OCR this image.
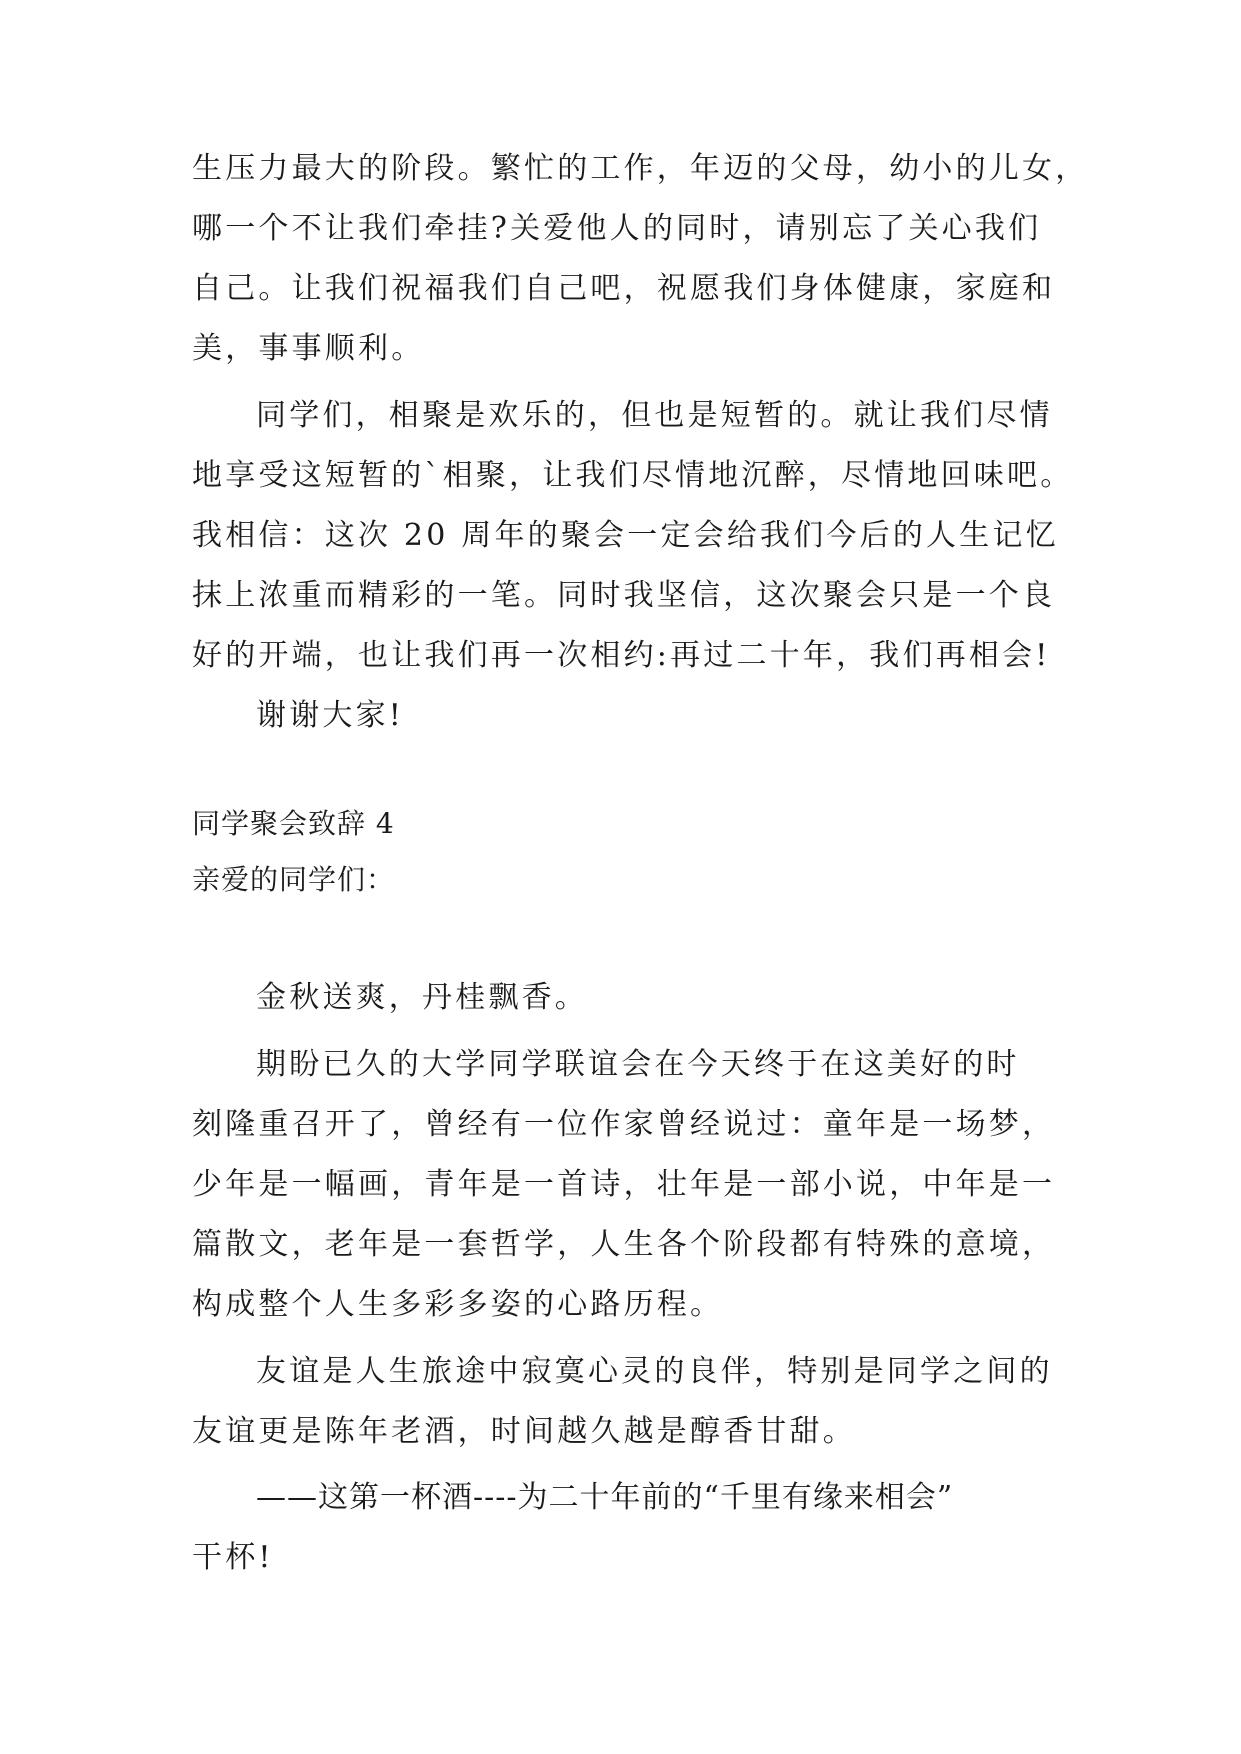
生压力最大的阶段。繁忙的工作，年迈的父母，幼小的儿女，
哪一个不让我们牵挂?关爱他人的同时，请别忘了关心我们
自己。让我们祝福我们自己吧，祝愿我们身体健康，家庭和
美，事事顺利。
同学们，相聚是欢乐的，但也是短暂的。就让我们尽情
地享受这短暂的`相聚，让我们尽情地沉醉，尽情地回味吧。
我相信：这次 20 周年的聚会一定会给我们今后的人生记忆
抹上浓重而精彩的一笔。同时我坚信，这次聚会只是一个良
好的开端，也让我们再一次相约:再过二十年，我们再相会!
谢谢大家!
同学聚会致辞 4
亲爱的同学们：
金秋送爽，丹桂飘香。
期盼已久的大学同学联谊会在今天终于在这美好的时
刻隆重召开了，曾经有一位作家曾经说过：童年是一场梦，
少年是一幅画，青年是一首诗，壮年是一部小说，中年是一
篇散文，老年是一套哲学，人生各个阶段都有特殊的意境，
构成整个人生多彩多姿的心路历程。
友谊是人生旅途中寂寞心灵的良伴，特别是同学之间的
友谊更是陈年老酒，时间越久越是醇香甘甜。
——这第一杯酒----为二十年前的“千里有缘来相会”
干杯!
